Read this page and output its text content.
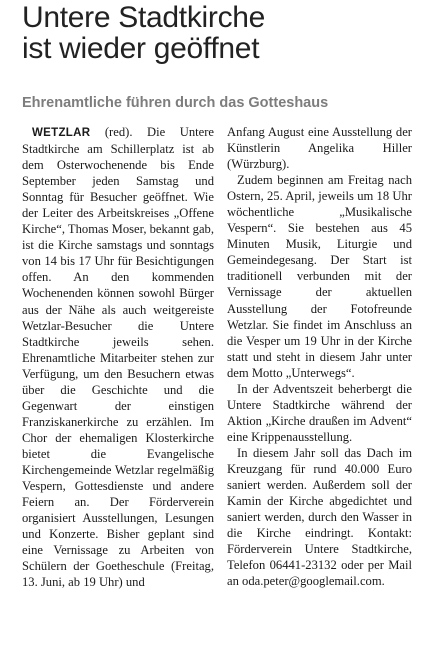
Untere Stadtkirche
ist wieder geöffnet
Ehrenamtliche führen durch das Gotteshaus

WETZLAR (red). Die Untere Stadtkirche am Schillerplatz ist ab dem Osterwochenende bis Ende September jeden Samstag und Sonntag für Besucher geöffnet. Wie der Leiter des Arbeitskreises „Offene Kirche“, Thomas Moser, bekannt gab, ist die Kirche samstags und sonntags von 14 bis 17 Uhr für Besichtigungen offen. An den kommenden Wochenenden können sowohl Bürger aus der Nähe als auch weitgereiste Wetzlar-Besucher die Untere Stadtkirche jeweils sehen. Ehrenamtliche Mitarbeiter stehen zur Verfügung, um den Besuchern etwas über die Geschichte und die Gegenwart der einstigen Franziskanerkirche zu erzählen. Im Chor der ehemaligen Klosterkirche bietet die Evangelische Kirchengemeinde Wetzlar regelmäßig Vespern, Gottesdienste und andere Feiern an. Der Förderverein organisiert Ausstellungen, Lesungen und Konzerte. Bisher geplant sind eine Vernissage zu Arbeiten von Schülern der Goetheschule (Freitag, 13. Juni, ab 19 Uhr) und

Anfang August eine Ausstellung der Künstlerin Angelika Hiller (Würzburg).

Zudem beginnen am Freitag nach Ostern, 25. April, jeweils um 18 Uhr wöchentliche „Musikalische Vespern“. Sie bestehen aus 45 Minuten Musik, Liturgie und Gemeindegesang. Der Start ist traditionell verbunden mit der Vernissage der aktuellen Ausstellung der Fotofreunde Wetzlar. Sie findet im Anschluss an die Vesper um 19 Uhr in der Kirche statt und steht in diesem Jahr unter dem Motto „Unterwegs“.

In der Adventszeit beherbergt die Untere Stadtkirche während der Aktion „Kirche draußen im Advent“ eine Krippenausstellung.

In diesem Jahr soll das Dach im Kreuzgang für rund 40.000 Euro saniert werden. Außerdem soll der Kamin der Kirche abgedichtet und saniert werden, durch den Wasser in die Kirche eindringt. Kontakt: Förderverein Untere Stadtkirche, Telefon 06441-23132 oder per Mail an oda.peter@googlemail.com.
